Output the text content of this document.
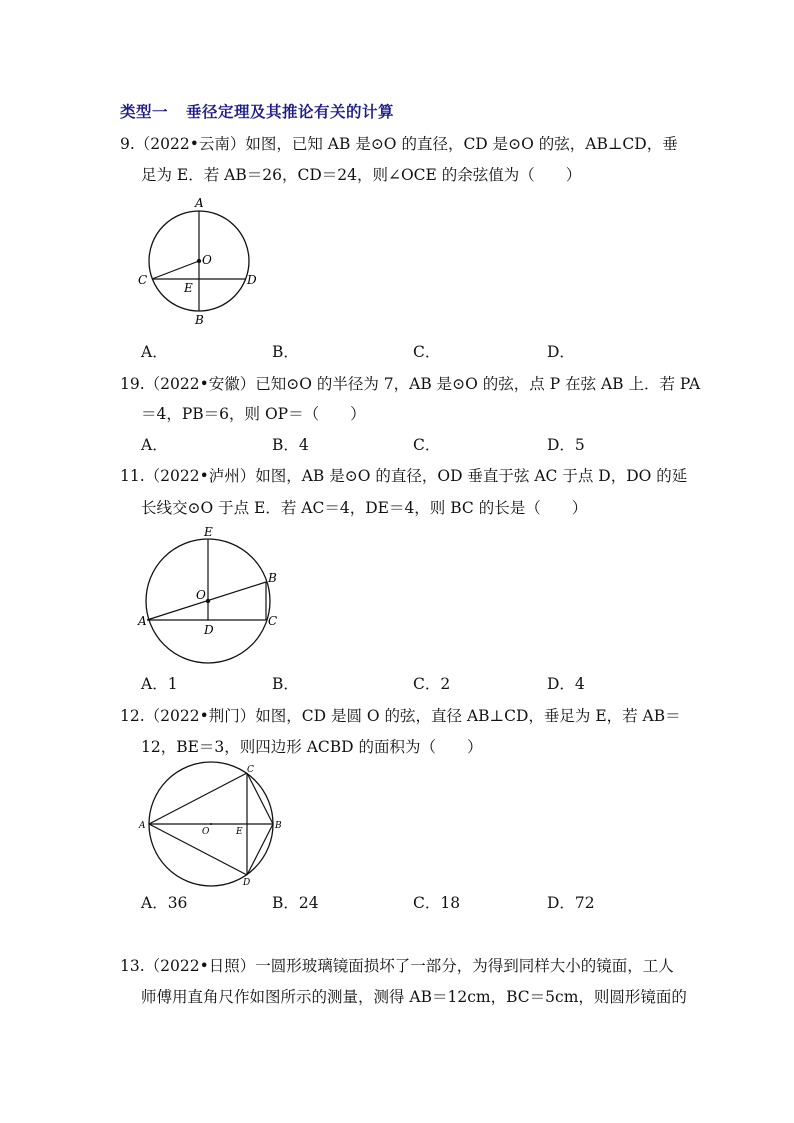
类型一 垂径定理及其推论有关的计算
9.（2022•云南）如图，已知 AB 是⊙O 的直径，CD 是⊙O 的弦，AB⊥CD，垂
足为 E．若 AB＝26，CD＝24，则∠OCE 的余弦值为（　　）
A
B
C	D
E
O
A．	B．	C．	D．
19.（2022•安徽）已知⊙O 的半径为 7，AB 是⊙O 的弦，点 P 在弦 AB 上．若 PA
＝4，PB＝6，则 OP＝（　　）
A．	B．4	C．	D．5
11.（2022•泸州）如图，AB 是⊙O 的直径，OD 垂直于弦 AC 于点 D，DO 的延
长线交⊙O 于点 E．若 AC＝4，DE＝4，则 BC 的长是（　　）
E
B
O
A
D
C
A．1	B．	C．2	D．4
12.（2022•荆门）如图，CD 是圆 O 的弦，直径 AB⊥CD，垂足为 E，若 AB＝
12，BE＝3，则四边形 ACBD 的面积为（　　）
A	B
C
D
E
O
A．36	B．24	C．18	D．72
13.（2022•日照）一圆形玻璃镜面损坏了一部分，为得到同样大小的镜面，工人
师傅用直角尺作如图所示的测量，测得 AB＝12cm，BC＝5cm，则圆形镜面的
